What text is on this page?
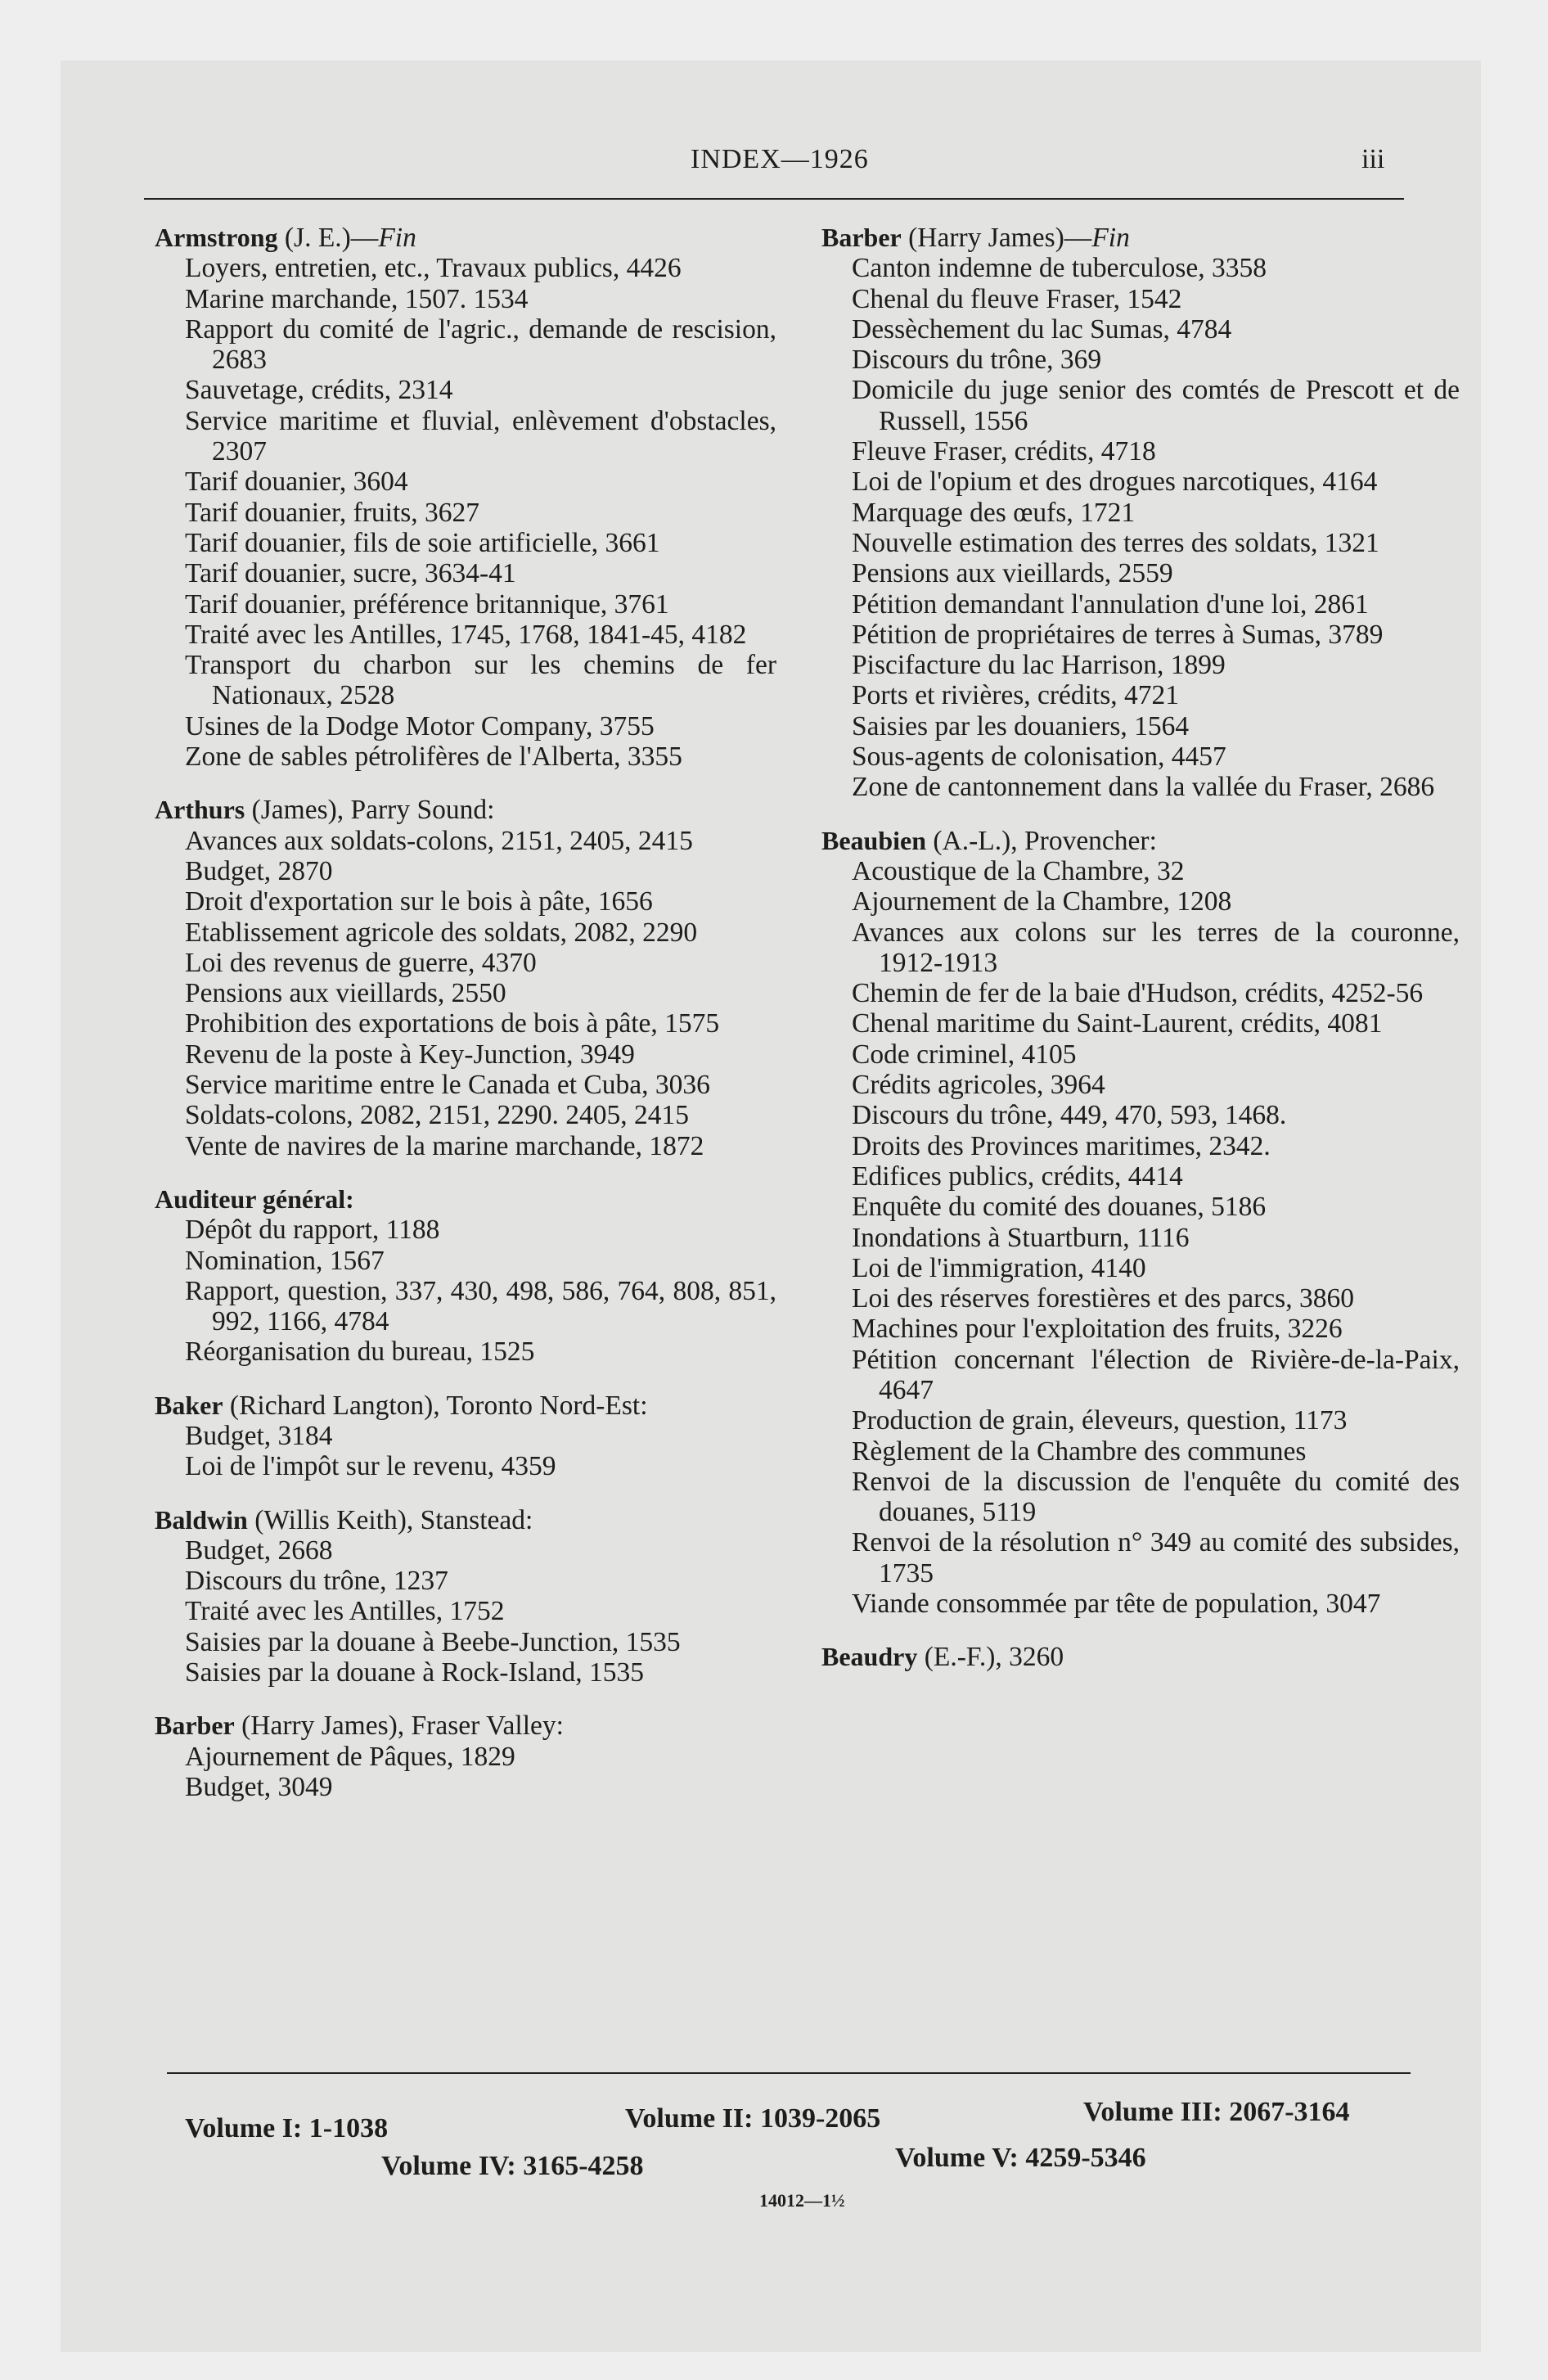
INDEX—1926	iii
Armstrong (J. E.)—Fin
Loyers, entretien, etc., Travaux publics, 4426
Marine marchande, 1507. 1534
Rapport du comité de l'agric., demande de rescision, 2683
Sauvetage, crédits, 2314
Service maritime et fluvial, enlèvement d'obstacles, 2307
Tarif douanier, 3604
Tarif douanier, fruits, 3627
Tarif douanier, fils de soie artificielle, 3661
Tarif douanier, sucre, 3634-41
Tarif douanier, préférence britannique, 3761
Traité avec les Antilles, 1745, 1768, 1841-45, 4182
Transport du charbon sur les chemins de fer Nationaux, 2528
Usines de la Dodge Motor Company, 3755
Zone de sables pétrolifères de l'Alberta, 3355
Arthurs (James), Parry Sound:
Avances aux soldats-colons, 2151, 2405, 2415
Budget, 2870
Droit d'exportation sur le bois à pâte, 1656
Etablissement agricole des soldats, 2082, 2290
Loi des revenus de guerre, 4370
Pensions aux vieillards, 2550
Prohibition des exportations de bois à pâte, 1575
Revenu de la poste à Key-Junction, 3949
Service maritime entre le Canada et Cuba, 3036
Soldats-colons, 2082, 2151, 2290. 2405, 2415
Vente de navires de la marine marchande, 1872
Auditeur général:
Dépôt du rapport, 1188
Nomination, 1567
Rapport, question, 337, 430, 498, 586, 764, 808, 851, 992, 1166, 4784
Réorganisation du bureau, 1525
Baker (Richard Langton), Toronto Nord-Est:
Budget, 3184
Loi de l'impôt sur le revenu, 4359
Baldwin (Willis Keith), Stanstead:
Budget, 2668
Discours du trône, 1237
Traité avec les Antilles, 1752
Saisies par la douane à Beebe-Junction, 1535
Saisies par la douane à Rock-Island, 1535
Barber (Harry James), Fraser Valley:
Ajournement de Pâques, 1829
Budget, 3049
Barber (Harry James)—Fin
Canton indemne de tuberculose, 3358
Chenal du fleuve Fraser, 1542
Dessèchement du lac Sumas, 4784
Discours du trône, 369
Domicile du juge senior des comtés de Prescott et de Russell, 1556
Fleuve Fraser, crédits, 4718
Loi de l'opium et des drogues narcotiques, 4164
Marquage des œufs, 1721
Nouvelle estimation des terres des soldats, 1321
Pensions aux vieillards, 2559
Pétition demandant l'annulation d'une loi, 2861
Pétition de propriétaires de terres à Sumas, 3789
Piscifacture du lac Harrison, 1899
Ports et rivières, crédits, 4721
Saisies par les douaniers, 1564
Sous-agents de colonisation, 4457
Zone de cantonnement dans la vallée du Fraser, 2686
Beaubien (A.-L.), Provencher:
Acoustique de la Chambre, 32
Ajournement de la Chambre, 1208
Avances aux colons sur les terres de la couronne, 1912-1913
Chemin de fer de la baie d'Hudson, crédits, 4252-56
Chenal maritime du Saint-Laurent, crédits, 4081
Code criminel, 4105
Crédits agricoles, 3964
Discours du trône, 449, 470, 593, 1468.
Droits des Provinces maritimes, 2342.
Edifices publics, crédits, 4414
Enquête du comité des douanes, 5186
Inondations à Stuartburn, 1116
Loi de l'immigration, 4140
Loi des réserves forestières et des parcs, 3860
Machines pour l'exploitation des fruits, 3226
Pétition concernant l'élection de Rivière-de-la-Paix, 4647
Production de grain, éleveurs, question, 1173
Règlement de la Chambre des communes
Renvoi de la discussion de l'enquête du comité des douanes, 5119
Renvoi de la résolution n° 349 au comité des subsides, 1735
Viande consommée par tête de population, 3047
Beaudry (E.-F.), 3260
Volume I: 1-1038	Volume II: 1039-2065	Volume III: 2067-3164
Volume IV: 3165-4258	Volume V: 4259-5346
14012—1½
